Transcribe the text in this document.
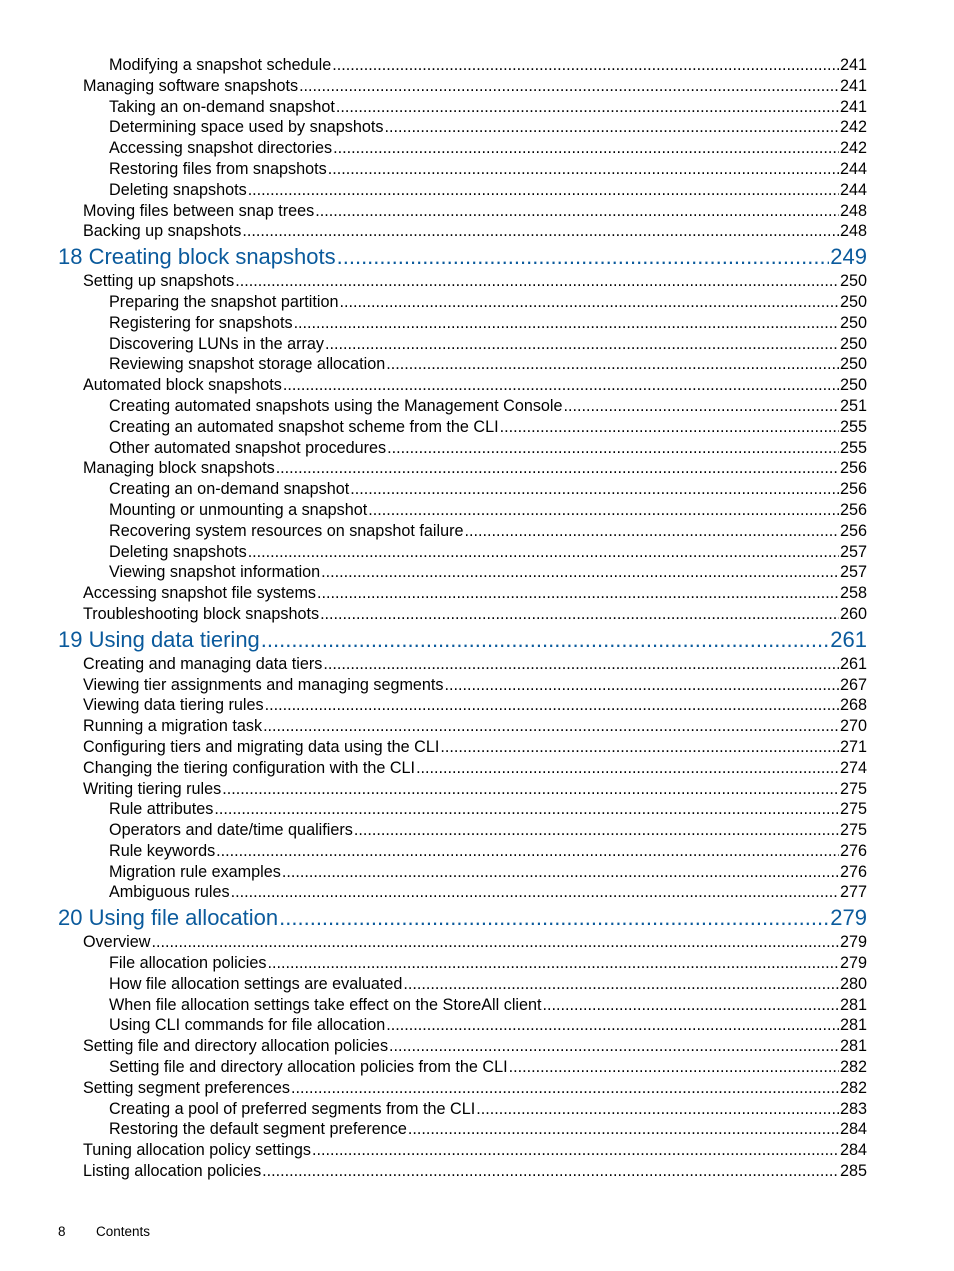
Modifying a snapshot schedule .....	241
Managing software snapshots .....	241
Taking an on-demand snapshot .....	241
Determining space used by snapshots .....	242
Accessing snapshot directories .....	242
Restoring files from snapshots .....	244
Deleting snapshots .....	244
Moving files between snap trees .....	248
Backing up snapshots .....	248
18 Creating block snapshots .....	249
Setting up snapshots .....	250
Preparing the snapshot partition .....	250
Registering for snapshots .....	250
Discovering LUNs in the array .....	250
Reviewing snapshot storage allocation .....	250
Automated block snapshots .....	250
Creating automated snapshots using the Management Console .....	251
Creating an automated snapshot scheme from the CLI .....	255
Other automated snapshot procedures .....	255
Managing block snapshots .....	256
Creating an on-demand snapshot .....	256
Mounting or unmounting a snapshot .....	256
Recovering system resources on snapshot failure .....	256
Deleting snapshots .....	257
Viewing snapshot information .....	257
Accessing snapshot file systems .....	258
Troubleshooting block snapshots .....	260
19 Using data tiering .....	261
Creating and managing data tiers .....	261
Viewing tier assignments and managing segments .....	267
Viewing data tiering rules .....	268
Running a migration task .....	270
Configuring tiers and migrating data using the CLI .....	271
Changing the tiering configuration with the CLI .....	274
Writing tiering rules .....	275
Rule attributes .....	275
Operators and date/time qualifiers .....	275
Rule keywords .....	276
Migration rule examples .....	276
Ambiguous rules .....	277
20 Using file allocation .....	279
Overview .....	279
File allocation policies .....	279
How file allocation settings are evaluated .....	280
When file allocation settings take effect on the StoreAll client .....	281
Using CLI commands for file allocation .....	281
Setting file and directory allocation policies .....	281
Setting file and directory allocation policies from the CLI .....	282
Setting segment preferences .....	282
Creating a pool of preferred segments from the CLI .....	283
Restoring the default segment preference .....	284
Tuning allocation policy settings .....	284
Listing allocation policies .....	285
8 Contents
